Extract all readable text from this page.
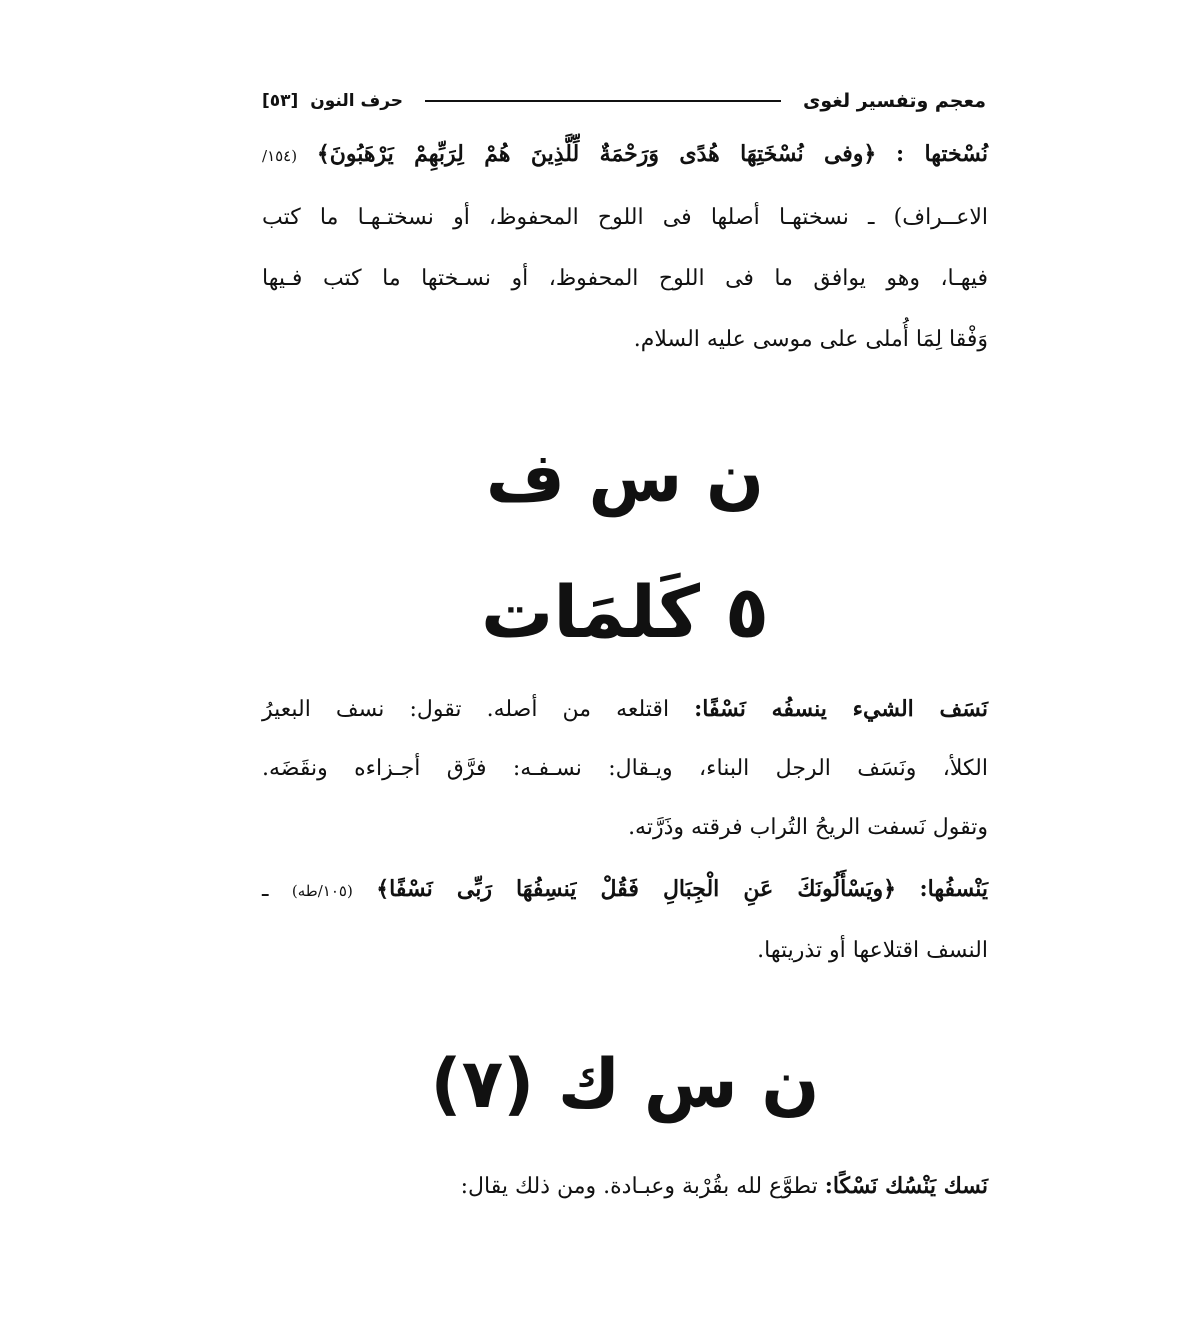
معجم وتفسير لغوى
حرف النون [٥٣]
نُسْختها : ﴿وفى نُسْخَتِهَا هُدًى وَرَحْمَةٌ لِّلَّذِينَ هُمْ لِرَبِّهِمْ يَرْهَبُونَ﴾ (١٥٤/
الاعــراف) ـ نسختهـا أصلها فى اللوح المحفوظ، أو نسختـهـا ما كتب
فيهـا، وهو يوافق ما فى اللوح المحفوظ، أو نسـختها ما كتب فـيها
وَفْقا لِمَا أُملى على موسى عليه السلام.
ن س ف
٥ كَلمَات
نَسَف الشيء ينسفُه نَسْفًا: اقتلعه من أصله. تقول: نسف البعيرُ
الكلأ، ونَسَف الرجل البناء، ويـقال: نسـفـه: فرَّق أجـزاءه ونقَضَه.
وتقول نَسفت الريحُ التُراب فرقته وذَرَّته.
يَنْسفُها: ﴿ويَسْأَلُونَكَ عَنِ الْجِبَالِ فَقُلْ يَنسِفُهَا رَبِّى نَسْفًا﴾ (١٠٥/طه) ـ
النسف اقتلاعها أو تذريتها.
ن س ك (٧)
نَسك يَنْسُك نَسْكًا: تطوَّع لله بقُرْبة وعبـادة. ومن ذلك يقال:
